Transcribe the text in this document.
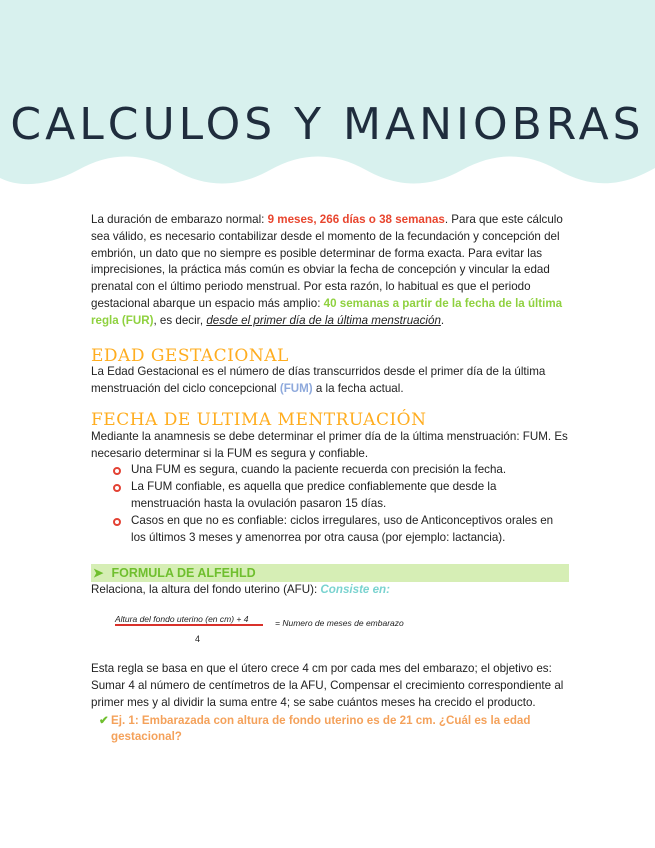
CALCULOS Y MANIOBRAS

La duración de embarazo normal: 9 meses, 266 días o 38 semanas. Para que este cálculo sea válido, es necesario contabilizar desde el momento de la fecundación y concepción del embrión, un dato que no siempre es posible determinar de forma exacta. Para evitar las imprecisiones, la práctica más común es obviar la fecha de concepción y vincular la edad prenatal con el último periodo menstrual. Por esta razón, lo habitual es que el periodo gestacional abarque un espacio más amplio: 40 semanas a partir de la fecha de la última regla (FUR), es decir, desde el primer día de la última menstruación.

EDAD GESTACIONAL

La Edad Gestacional es el número de días transcurridos desde el primer día de la última menstruación del ciclo concepcional (FUM) a la fecha actual.

FECHA DE ULTIMA MENTRUACIÓN

Mediante la anamnesis se debe determinar el primer día de la última menstruación: FUM. Es necesario determinar si la FUM es segura y confiable.

Una FUM es segura, cuando la paciente recuerda con precisión la fecha.
La FUM confiable, es aquella que predice confiablemente que desde la menstruación hasta la ovulación pasaron 15 días.
Casos en que no es confiable: ciclos irregulares, uso de Anticonceptivos orales en los últimos 3 meses y amenorrea por otra causa (por ejemplo: lactancia).
➤ FORMULA DE ALFEHLD

Relaciona, la altura del fondo uterino (AFU): Consiste en:

Altura del fondo uterino (en cm) + 4
4
= Numero de meses de embarazo

Esta regla se basa en que el útero crece 4 cm por cada mes del embarazo; el objetivo es: Sumar 4 al número de centímetros de la AFU, Compensar el crecimiento correspondiente al primer mes y al dividir la suma entre 4; se sabe cuántos meses ha crecido el producto.

✔ Ej. 1: Embarazada con altura de fondo uterino es de 21 cm. ¿Cuál es la edad gestacional?
